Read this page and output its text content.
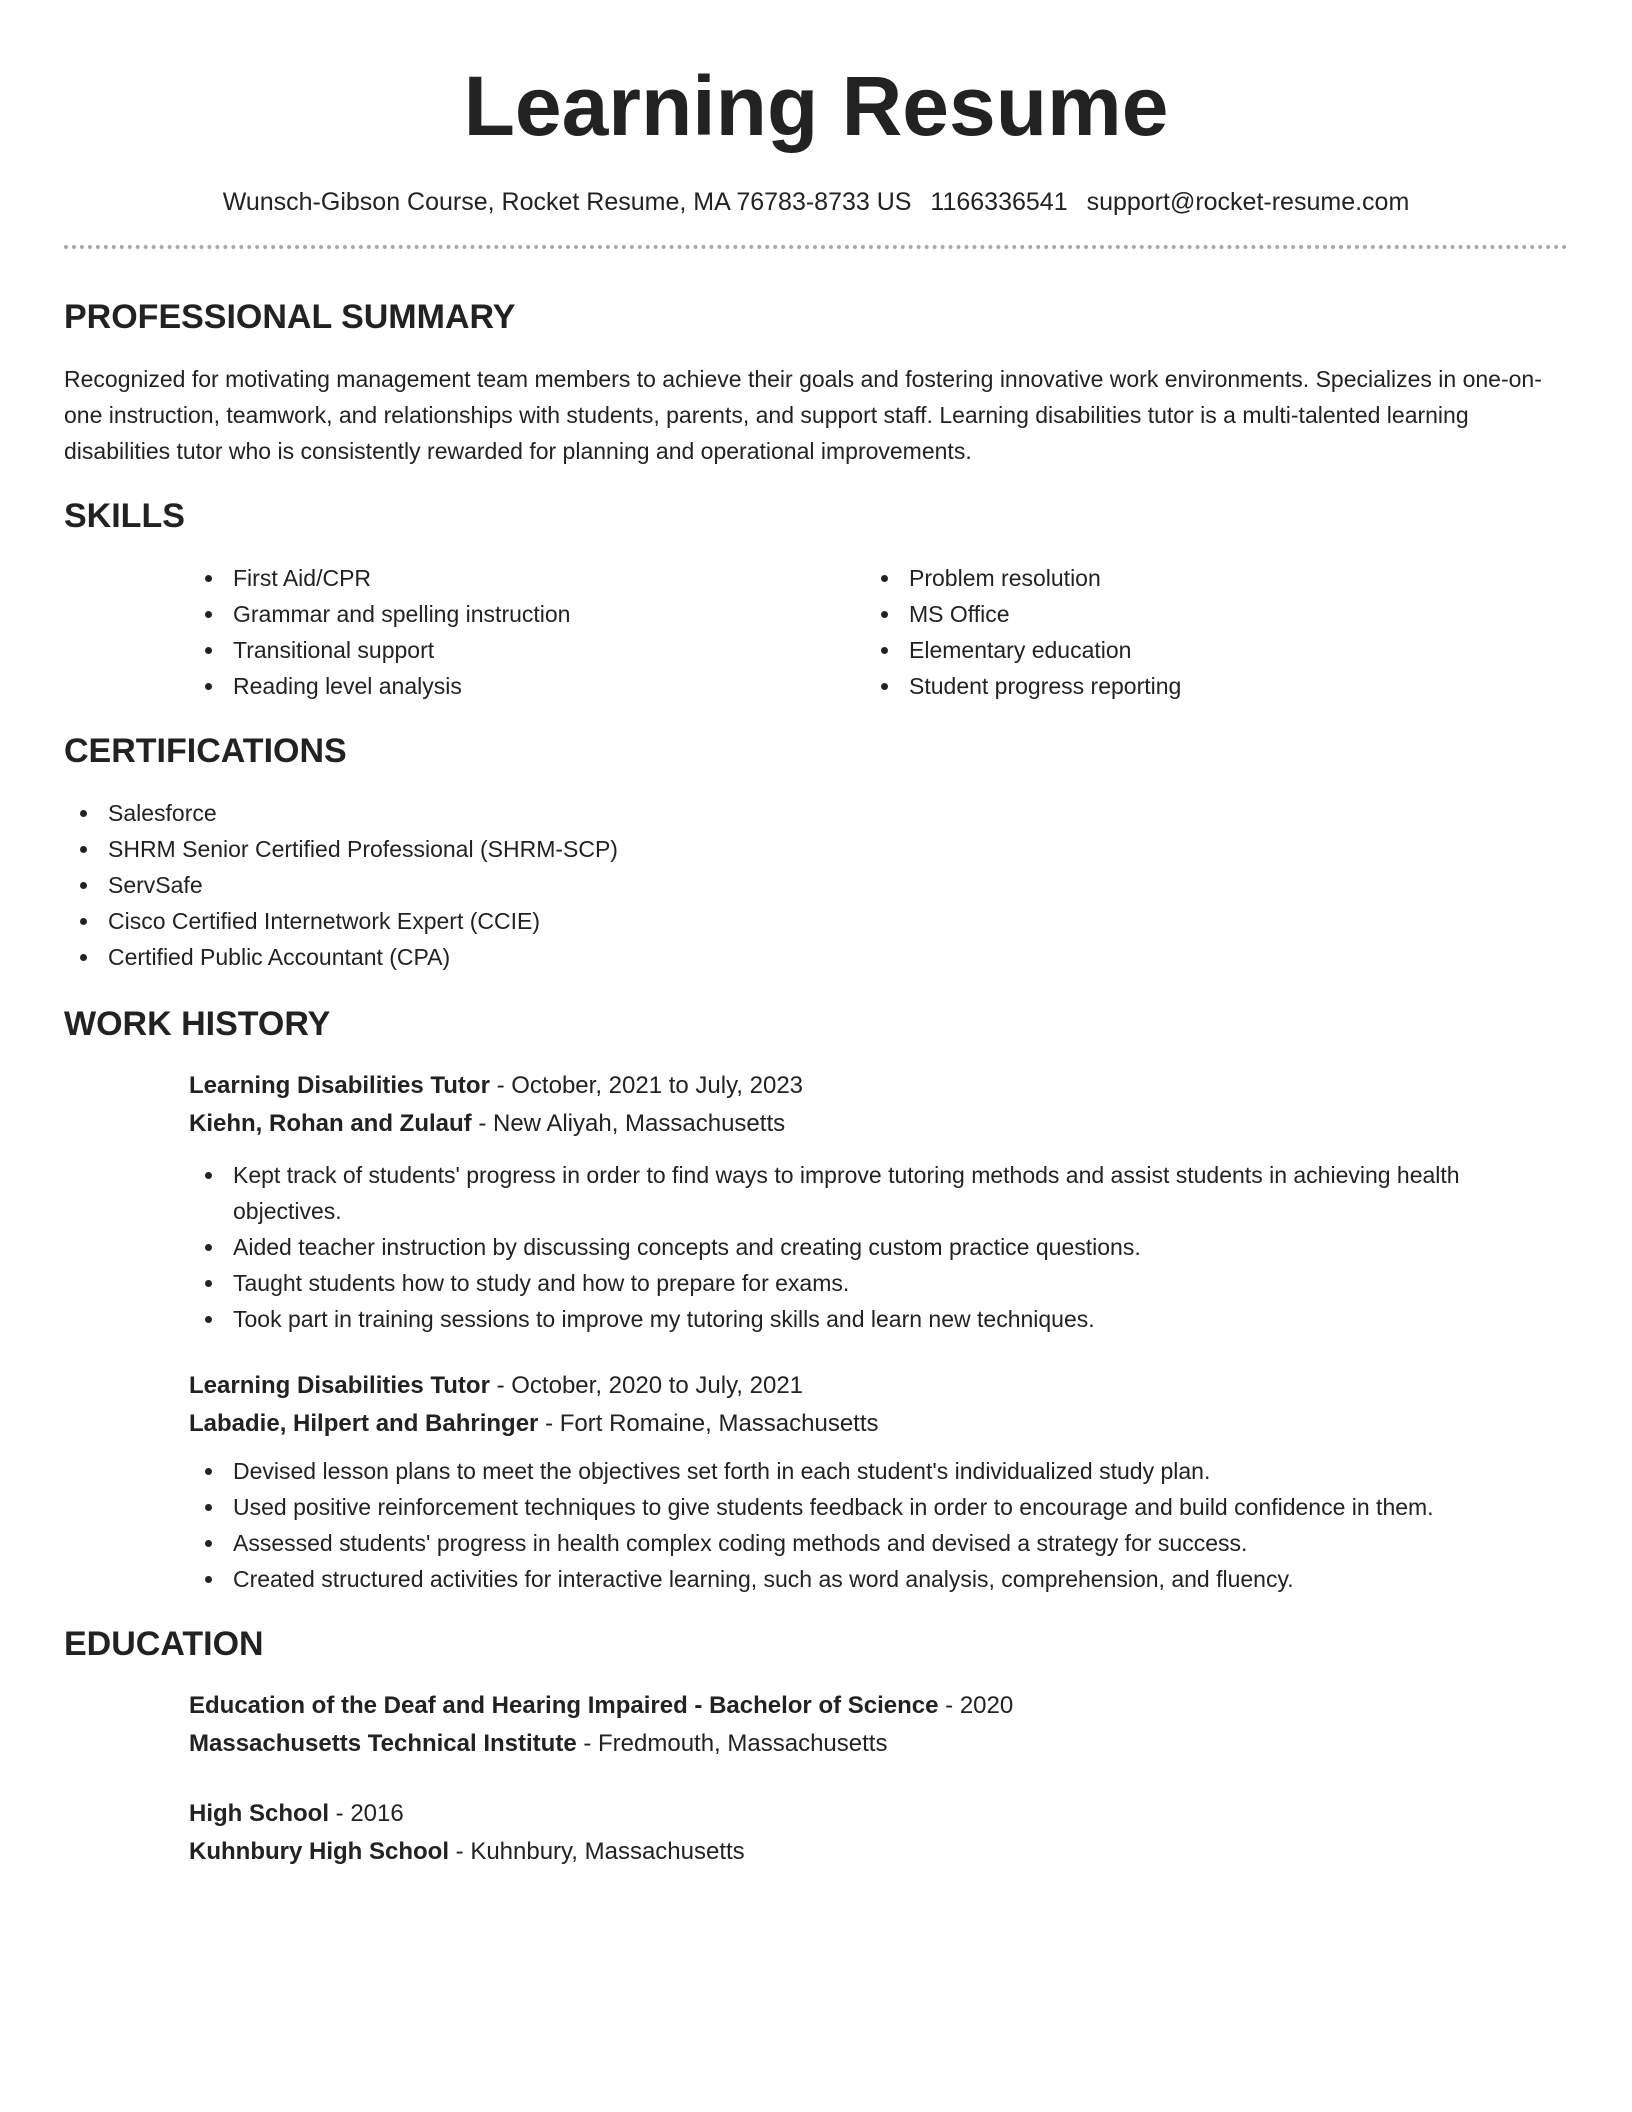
Learning Resume
Wunsch-Gibson Course, Rocket Resume, MA 76783-8733 US 1166336541 support@rocket-resume.com
PROFESSIONAL SUMMARY

Recognized for motivating management team members to achieve their goals and fostering innovative work environments. Specializes in one-on-one instruction, teamwork, and relationships with students, parents, and support staff. Learning disabilities tutor is a multi-talented learning disabilities tutor who is consistently rewarded for planning and operational improvements.

SKILLS
First Aid/CPR
Grammar and spelling instruction
Transitional support
Reading level analysis
Problem resolution
MS Office
Elementary education
Student progress reporting
CERTIFICATIONS
Salesforce
SHRM Senior Certified Professional (SHRM-SCP)
ServSafe
Cisco Certified Internetwork Expert (CCIE)
Certified Public Accountant (CPA)
WORK HISTORY
Learning Disabilities Tutor - October, 2021 to July, 2023
Kiehn, Rohan and Zulauf - New Aliyah, Massachusetts
Kept track of students' progress in order to find ways to improve tutoring methods and assist students in achieving health objectives.
Aided teacher instruction by discussing concepts and creating custom practice questions.
Taught students how to study and how to prepare for exams.
Took part in training sessions to improve my tutoring skills and learn new techniques.
Learning Disabilities Tutor - October, 2020 to July, 2021
Labadie, Hilpert and Bahringer - Fort Romaine, Massachusetts
Devised lesson plans to meet the objectives set forth in each student's individualized study plan.
Used positive reinforcement techniques to give students feedback in order to encourage and build confidence in them.
Assessed students' progress in health complex coding methods and devised a strategy for success.
Created structured activities for interactive learning, such as word analysis, comprehension, and fluency.
EDUCATION
Education of the Deaf and Hearing Impaired - Bachelor of Science - 2020
Massachusetts Technical Institute - Fredmouth, Massachusetts
High School - 2016
Kuhnbury High School - Kuhnbury, Massachusetts
